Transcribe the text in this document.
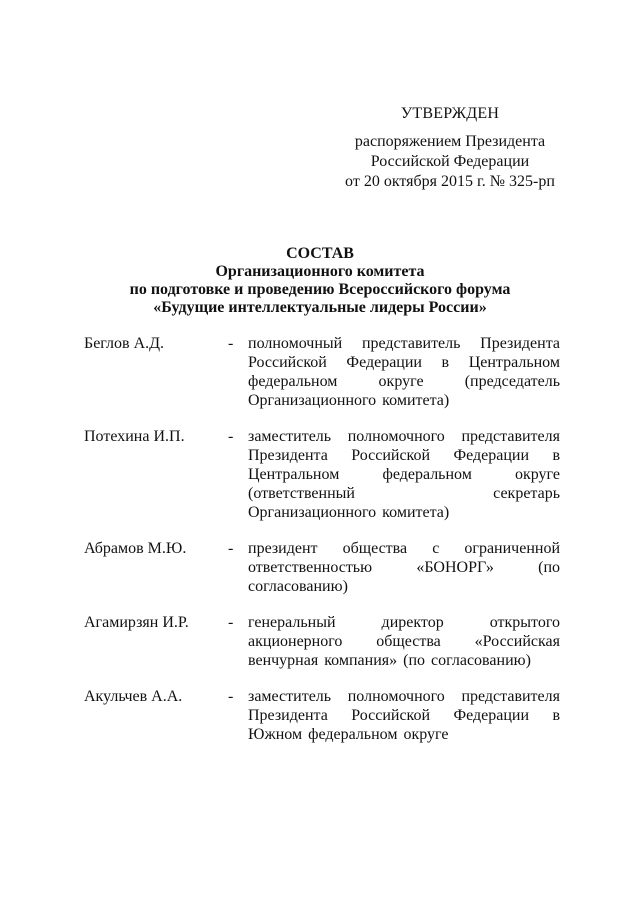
УТВЕРЖДЕН
распоряжением Президента
Российской Федерации
от 20 октября 2015 г. № 325-рп
СОСТАВ
Организационного комитета
по подготовке и проведению Всероссийского форума
«Будущие интеллектуальные лидеры России»
Беглов А.Д.	- полномочный представитель Президента Российской Федерации в Центральном федеральном округе (председатель Организационного комитета)
Потехина И.П.	- заместитель полномочного представителя Президента Российской Федерации в Центральном федеральном округе (ответственный секретарь Организационного комитета)
Абрамов М.Ю.	- президент общества с ограниченной ответственностью «БОНОРГ» (по согласованию)
Агамирзян И.Р.	- генеральный директор открытого акционерного общества «Российская венчурная компания» (по согласованию)
Акульчев А.А.	- заместитель полномочного представителя Президента Российской Федерации в Южном федеральном округе
